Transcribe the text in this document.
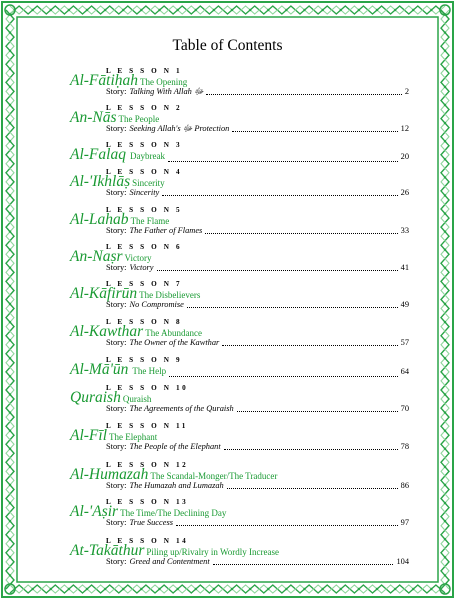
Table of Contents
L E S S O N 1
Al-Fātiḥah The Opening
Story: Talking With Allah ﷻ	2
L E S S O N 2
An-Nās The People
Story: Seeking Allah's ﷻ Protection	12
L E S S O N 3
Al-Falaq Daybreak	20
L E S S O N 4
Al-'Ikhlāṣ Sincerity
Story: Sincerity	26
L E S S O N 5
Al-Lahab The Flame
Story: The Father of Flames	33
L E S S O N 6
An-Naṣr Victory
Story: Victory	41
L E S S O N 7
Al-Kāfirūn The Disbelievers
Story: No Compromise	49
L E S S O N 8
Al-Kawthar The Abundance
Story: The Owner of the Kawthar	57
L E S S O N 9
Al-Mā'ūn The Help	64
L E S S O N 10
Quraish Quraish
Story: The Agreements of the Quraish	70
L E S S O N 11
Al-Fīl The Elephant
Story: The People of the Elephant	78
L E S S O N 12
Al-Humazah The Scandal-Monger/The Traducer
Story: The Humazah and Lumazah	86
L E S S O N 13
Al-'Aṣir The Time/The Declining Day
Story: True Success	97
L E S S O N 14
At-Takāthur Piling up/Rivalry in Wordly Increase
Story: Greed and Contentment	104
